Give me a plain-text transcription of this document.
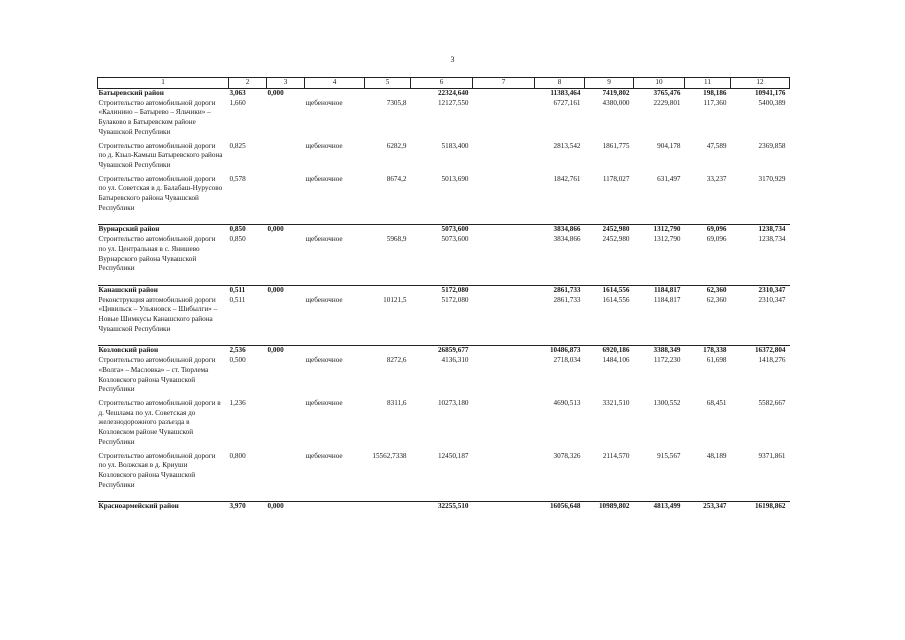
3
1	2	3	4	5	6	7	8	9	10	11	12
Батыревский район	3,063	0,000			22324,640		11383,464	7419,802	3765,476	198,186	10941,176
Строительство автомобильной дороги «Калинино – Батырево – Яльчики» – Булаково в Батыревском районе Чувашской Республики	1,660		щебеночное	7305,8	12127,550		6727,161	4380,000	2229,801	117,360	5400,389
Строительство автомобильной дороги по д. Кзыл-Камыш Батыревского района Чувашской Республики	0,825		щебеночное	6282,9	5183,400		2813,542	1861,775	904,178	47,589	2369,858
Строительство автомобильной дороги по ул. Советская в д. Балабаш-Нурусово Батыревского района Чувашской Республики	0,578		щебеночное	8674,2	5013,690		1842,761	1178,027	631,497	33,237	3170,929

Вурнарский район	0,850	0,000			5073,600		3834,866	2452,980	1312,790	69,096	1238,734
Строительство автомобильной дороги по ул. Центральная в с. Янишево Вурнарского района Чувашской Республики	0,850		щебеночное	5968,9	5073,600		3834,866	2452,980	1312,790	69,096	1238,734

Канашский район	0,511	0,000			5172,080		2861,733	1614,556	1184,817	62,360	2310,347
Реконструкция автомобильной дороги «Цивильск – Ульяновск – Шибылги» – Новые Шимкусы Канашского района Чувашской Республики	0,511		щебеночное	10121,5	5172,080		2861,733	1614,556	1184,817	62,360	2310,347

Козловский район	2,536	0,000			26859,677		10486,873	6920,186	3388,349	178,338	16372,804
Строительство автомобильной дороги «Волга» – Масловка» – ст. Тюрлема Козловского района Чувашской Республики	0,500		щебеночное	8272,6	4136,310		2718,034	1484,106	1172,230	61,698	1418,276
Строительство автомобильной дороги в д. Чешлама по ул. Советская до железнодорожного разъезда в Козловском районе Чувашской Республики	1,236		щебеночное	8311,6	10273,180		4690,513	3321,510	1300,552	68,451	5582,667
Строительство автомобильной дороги по ул. Волжская в д. Криуши Козловского района Чувашской Республики	0,800		щебеночное	15562,7338	12450,187		3078,326	2114,570	915,567	48,189	9371,861

Красноармейский район	3,970	0,000			32255,510		16056,648	10989,802	4813,499	253,347	16198,862
